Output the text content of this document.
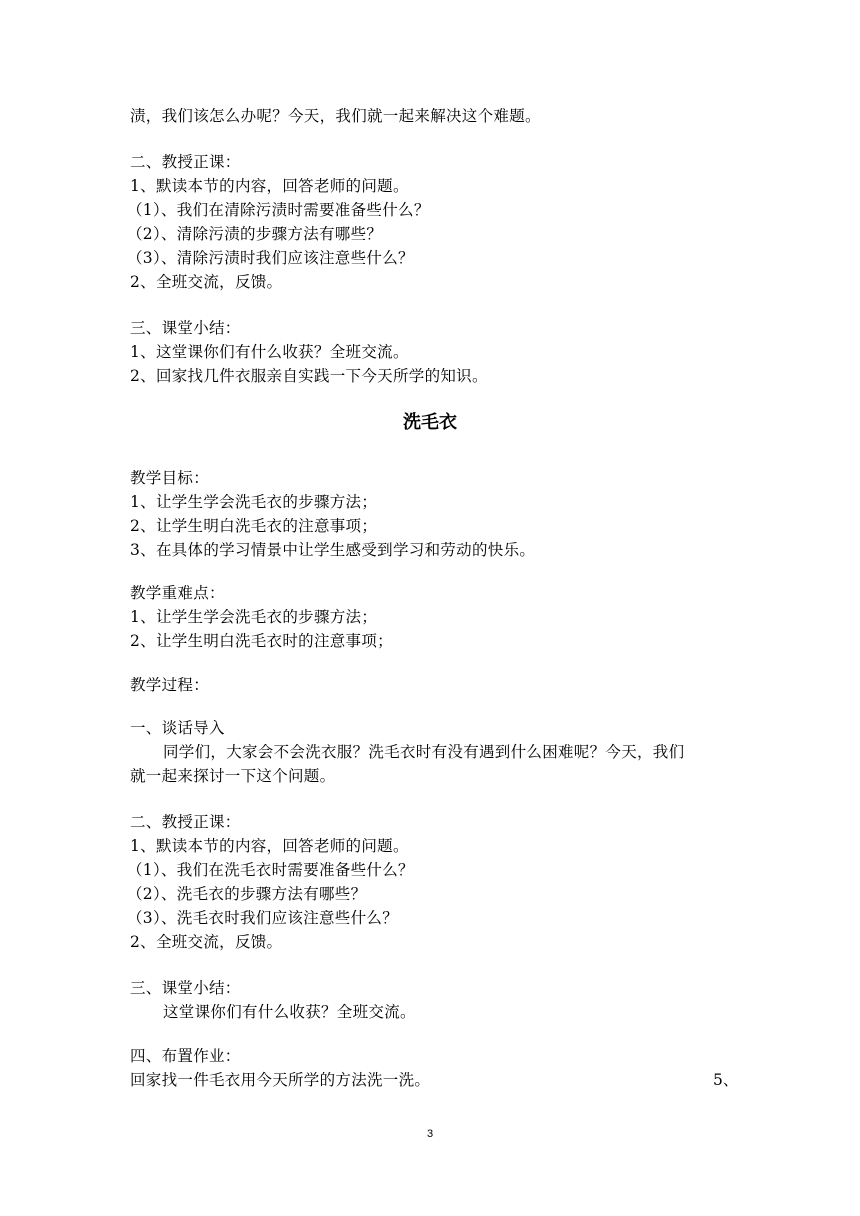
渍，我们该怎么办呢？今天，我们就一起来解决这个难题。
二、教授正课：
1、默读本节的内容，回答老师的问题。
（1）、我们在清除污渍时需要准备些什么？
（2）、清除污渍的步骤方法有哪些？
（3）、清除污渍时我们应该注意些什么？
2、全班交流，反馈。
三、课堂小结：
1、这堂课你们有什么收获？全班交流。
2、回家找几件衣服亲自实践一下今天所学的知识。
洗毛衣
教学目标：
1、让学生学会洗毛衣的步骤方法；
2、让学生明白洗毛衣的注意事项；
3、在具体的学习情景中让学生感受到学习和劳动的快乐。
教学重难点：
1、让学生学会洗毛衣的步骤方法；
2、让学生明白洗毛衣时的注意事项；
教学过程：
一、谈话导入
同学们，大家会不会洗衣服？洗毛衣时有没有遇到什么困难呢？今天，我们
就一起来探讨一下这个问题。
二、教授正课：
1、默读本节的内容，回答老师的问题。
（1）、我们在洗毛衣时需要准备些什么？
（2）、洗毛衣的步骤方法有哪些？
（3）、洗毛衣时我们应该注意些什么？
2、全班交流，反馈。
三、课堂小结：
这堂课你们有什么收获？全班交流。
四、布置作业：
回家找一件毛衣用今天所学的方法洗一洗。	5、
3
